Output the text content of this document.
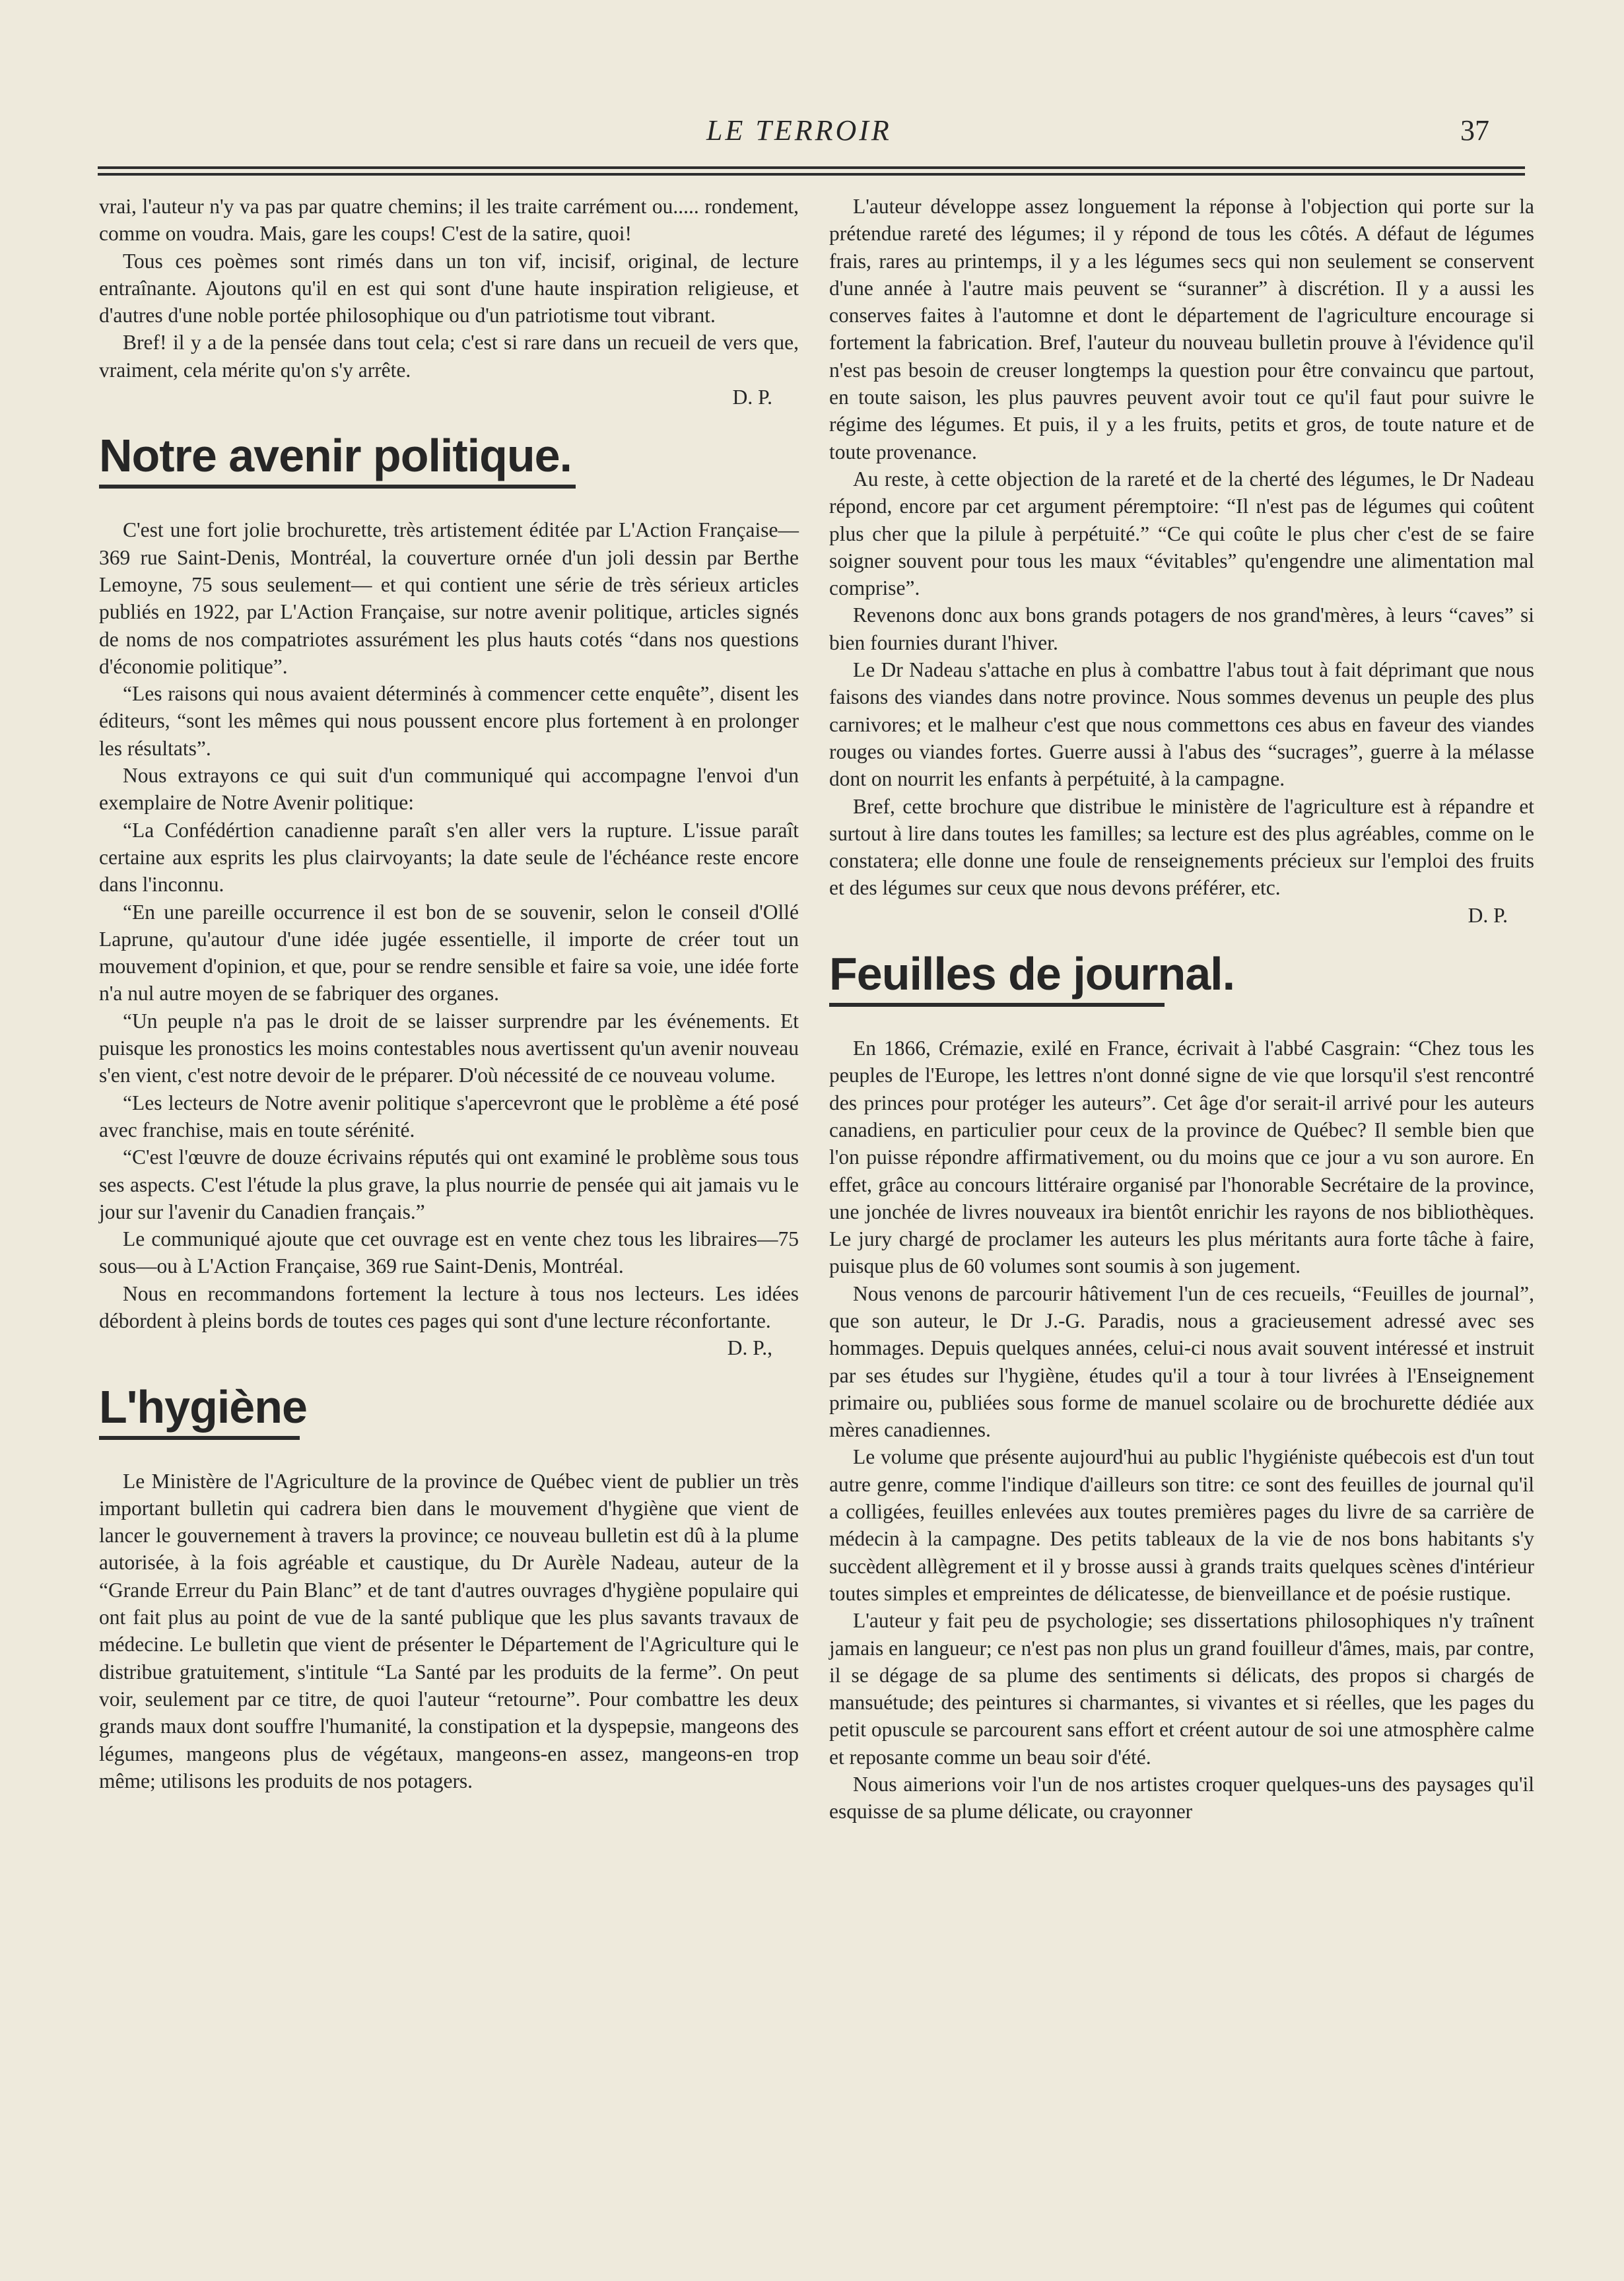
LE TERROIR	37

vrai, l'auteur n'y va pas par quatre chemins; il les traite carrément ou..... rondement, comme on voudra. Mais, gare les coups! C'est de la satire, quoi!

Tous ces poèmes sont rimés dans un ton vif, incisif, original, de lecture entraînante. Ajoutons qu'il en est qui sont d'une haute inspiration religieuse, et d'autres d'une noble portée philosophique ou d'un patriotisme tout vibrant.

Bref! il y a de la pensée dans tout cela; c'est si rare dans un recueil de vers que, vraiment, cela mérite qu'on s'y arrête.

D. P.
Notre avenir politique.

C'est une fort jolie brochurette, très artistement éditée par L'Action Française—369 rue Saint-Denis, Montréal, la couverture ornée d'un joli dessin par Berthe Lemoyne, 75 sous seulement— et qui contient une série de très sérieux articles publiés en 1922, par L'Action Française, sur notre avenir politique, articles signés de noms de nos compatriotes assurément les plus hauts cotés “dans nos questions d'économie politique”.

“Les raisons qui nous avaient déterminés à commencer cette enquête”, disent les éditeurs, “sont les mêmes qui nous poussent encore plus fortement à en prolonger les résultats”.

Nous extrayons ce qui suit d'un communiqué qui accompagne l'envoi d'un exemplaire de Notre Avenir politique:

“La Confédértion canadienne paraît s'en aller vers la rupture. L'issue paraît certaine aux esprits les plus clairvoyants; la date seule de l'échéance reste encore dans l'inconnu.

“En une pareille occurrence il est bon de se souvenir, selon le conseil d'Ollé Laprune, qu'autour d'une idée jugée essentielle, il importe de créer tout un mouvement d'opinion, et que, pour se rendre sensible et faire sa voie, une idée forte n'a nul autre moyen de se fabriquer des organes.

“Un peuple n'a pas le droit de se laisser surprendre par les événements. Et puisque les pronostics les moins contestables nous avertissent qu'un avenir nouveau s'en vient, c'est notre devoir de le préparer. D'où nécessité de ce nouveau volume.

“Les lecteurs de Notre avenir politique s'apercevront que le problème a été posé avec franchise, mais en toute sérénité.

“C'est l'œuvre de douze écrivains réputés qui ont examiné le problème sous tous ses aspects. C'est l'étude la plus grave, la plus nourrie de pensée qui ait jamais vu le jour sur l'avenir du Canadien français.”

Le communiqué ajoute que cet ouvrage est en vente chez tous les libraires—75 sous—ou à L'Action Française, 369 rue Saint-Denis, Montréal.

Nous en recommandons fortement la lecture à tous nos lecteurs. Les idées débordent à pleins bords de toutes ces pages qui sont d'une lecture réconfortante.

D. P.,
L'hygiène

Le Ministère de l'Agriculture de la province de Québec vient de publier un très important bulletin qui cadrera bien dans le mouvement d'hygiène que vient de lancer le gouvernement à travers la province; ce nouveau bulletin est dû à la plume autorisée, à la fois agréable et caustique, du Dr Aurèle Nadeau, auteur de la “Grande Erreur du Pain Blanc” et de tant d'autres ouvrages d'hygiène populaire qui ont fait plus au point de vue de la santé publique que les plus savants travaux de médecine. Le bulletin que vient de présenter le Département de l'Agriculture qui le distribue gratuitement, s'intitule “La Santé par les produits de la ferme”. On peut voir, seulement par ce titre, de quoi l'auteur “retourne”. Pour combattre les deux grands maux dont souffre l'humanité, la constipation et la dyspepsie, mangeons des légumes, mangeons plus de végétaux, mangeons-en assez, mangeons-en trop même; utilisons les produits de nos potagers.

L'auteur développe assez longuement la réponse à l'objection qui porte sur la prétendue rareté des légumes; il y répond de tous les côtés. A défaut de légumes frais, rares au printemps, il y a les légumes secs qui non seulement se conservent d'une année à l'autre mais peuvent se “suranner” à discrétion. Il y a aussi les conserves faites à l'automne et dont le département de l'agriculture encourage si fortement la fabrication. Bref, l'auteur du nouveau bulletin prouve à l'évidence qu'il n'est pas besoin de creuser longtemps la question pour être convaincu que partout, en toute saison, les plus pauvres peuvent avoir tout ce qu'il faut pour suivre le régime des légumes. Et puis, il y a les fruits, petits et gros, de toute nature et de toute provenance.

Au reste, à cette objection de la rareté et de la cherté des légumes, le Dr Nadeau répond, encore par cet argument péremptoire: “Il n'est pas de légumes qui coûtent plus cher que la pilule à perpétuité.” “Ce qui coûte le plus cher c'est de se faire soigner souvent pour tous les maux “évitables” qu'engendre une alimentation mal comprise”.

Revenons donc aux bons grands potagers de nos grand'mères, à leurs “caves” si bien fournies durant l'hiver.

Le Dr Nadeau s'attache en plus à combattre l'abus tout à fait déprimant que nous faisons des viandes dans notre province. Nous sommes devenus un peuple des plus carnivores; et le malheur c'est que nous commettons ces abus en faveur des viandes rouges ou viandes fortes. Guerre aussi à l'abus des “sucrages”, guerre à la mélasse dont on nourrit les enfants à perpétuité, à la campagne.

Bref, cette brochure que distribue le ministère de l'agriculture est à répandre et surtout à lire dans toutes les familles; sa lecture est des plus agréables, comme on le constatera; elle donne une foule de renseignements précieux sur l'emploi des fruits et des légumes sur ceux que nous devons préférer, etc.

D. P.
Feuilles de journal.

En 1866, Crémazie, exilé en France, écrivait à l'abbé Casgrain: “Chez tous les peuples de l'Europe, les lettres n'ont donné signe de vie que lorsqu'il s'est rencontré des princes pour protéger les auteurs”. Cet âge d'or serait-il arrivé pour les auteurs canadiens, en particulier pour ceux de la province de Québec? Il semble bien que l'on puisse répondre affirmativement, ou du moins que ce jour a vu son aurore. En effet, grâce au concours littéraire organisé par l'honorable Secrétaire de la province, une jonchée de livres nouveaux ira bientôt enrichir les rayons de nos bibliothèques. Le jury chargé de proclamer les auteurs les plus méritants aura forte tâche à faire, puisque plus de 60 volumes sont soumis à son jugement.

Nous venons de parcourir hâtivement l'un de ces recueils, “Feuilles de journal”, que son auteur, le Dr J.-G. Paradis, nous a gracieusement adressé avec ses hommages. Depuis quelques années, celui-ci nous avait souvent intéressé et instruit par ses études sur l'hygiène, études qu'il a tour à tour livrées à l'Enseignement primaire ou, publiées sous forme de manuel scolaire ou de brochurette dédiée aux mères canadiennes.

Le volume que présente aujourd'hui au public l'hygiéniste québecois est d'un tout autre genre, comme l'indique d'ailleurs son titre: ce sont des feuilles de journal qu'il a colligées, feuilles enlevées aux toutes premières pages du livre de sa carrière de médecin à la campagne. Des petits tableaux de la vie de nos bons habitants s'y succèdent allègrement et il y brosse aussi à grands traits quelques scènes d'intérieur toutes simples et empreintes de délicatesse, de bienveillance et de poésie rustique.

L'auteur y fait peu de psychologie; ses dissertations philosophiques n'y traînent jamais en langueur; ce n'est pas non plus un grand fouilleur d'âmes, mais, par contre, il se dégage de sa plume des sentiments si délicats, des propos si chargés de mansuétude; des peintures si charmantes, si vivantes et si réelles, que les pages du petit opuscule se parcourent sans effort et créent autour de soi une atmosphère calme et reposante comme un beau soir d'été.

Nous aimerions voir l'un de nos artistes croquer quelques-uns des paysages qu'il esquisse de sa plume délicate, ou crayonner
